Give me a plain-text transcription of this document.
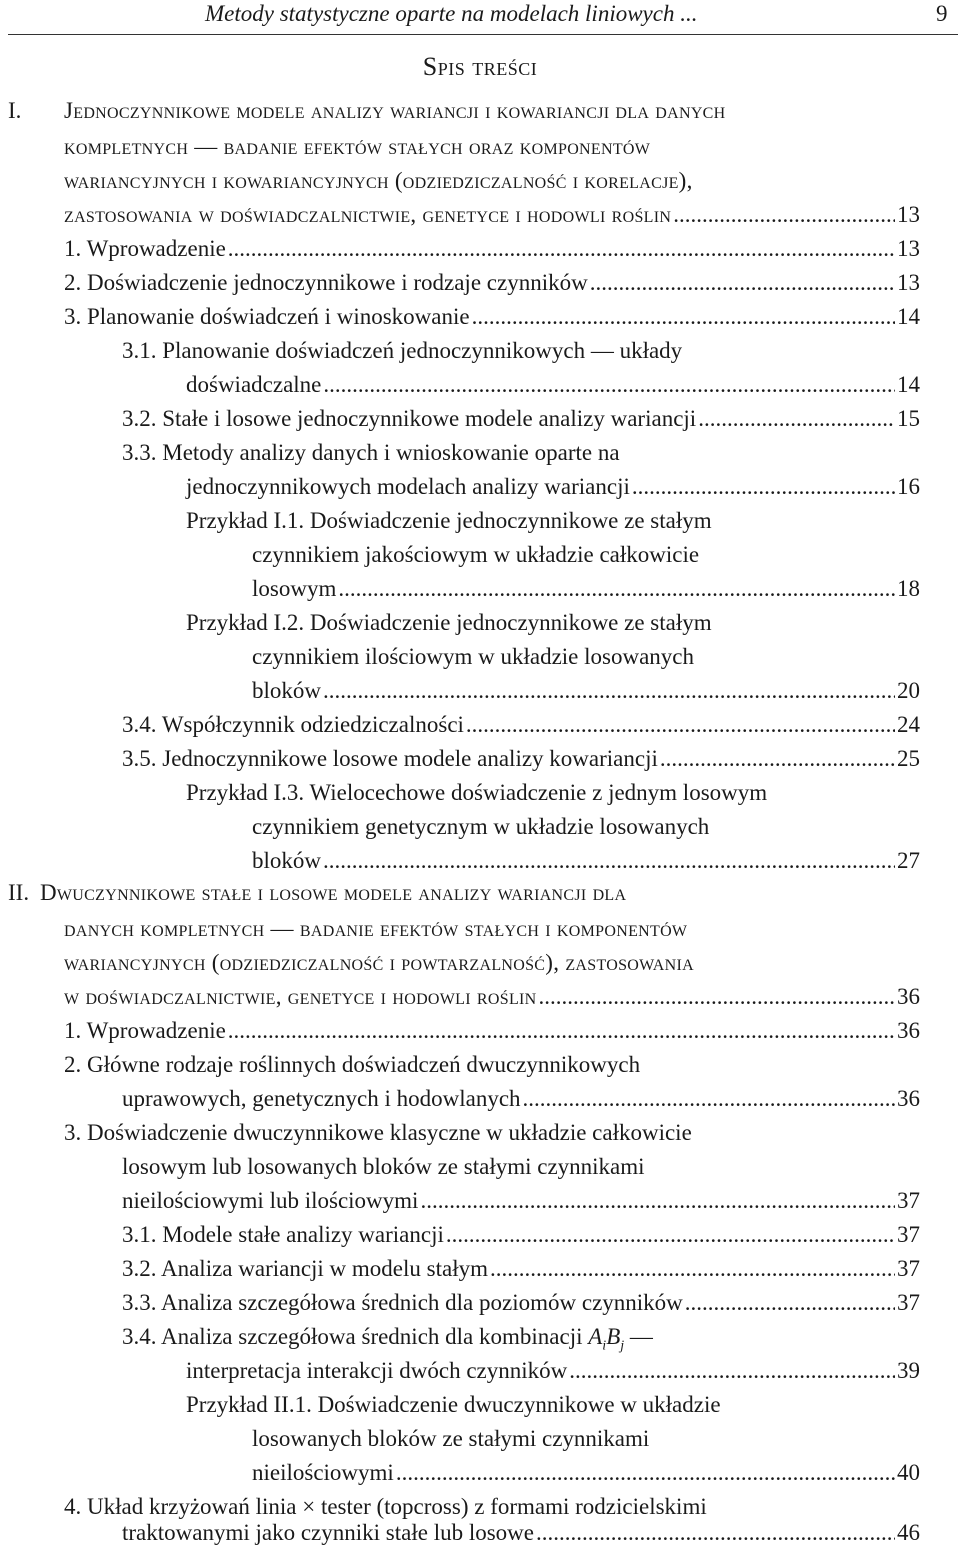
Metody statystyczne oparte na modelach liniowych ...	9
Spis treści
I. Jednoczynnikowe modele analizy wariancji i kowariancji dla danych
kompletnych — badanie efektów stałych oraz komponentów
wariancyjnych i kowariancyjnych (odziedziczalność i korelacje),
zastosowania w doświadczalnictwie, genetyce i hodowli roślin .....	13
1. Wprowadzenie .....	13
2. Doświadczenie jednoczynnikowe i rodzaje czynników .....	13
3. Planowanie doświadczeń i winoskowanie .....	14
3.1. Planowanie doświadczeń jednoczynnikowych — układy
doświadczalne .....	14
3.2. Stałe i losowe jednoczynnikowe modele analizy wariancji .....	15
3.3. Metody analizy danych i wnioskowanie oparte na
jednoczynnikowych modelach analizy wariancji .....	16
Przykład I.1. Doświadczenie jednoczynnikowe ze stałym
czynnikiem jakościowym w układzie całkowicie
losowym .....	18
Przykład I.2. Doświadczenie jednoczynnikowe ze stałym
czynnikiem ilościowym w układzie losowanych
bloków .....	20
3.4. Współczynnik odziedziczalności .....	24
3.5. Jednoczynnikowe losowe modele analizy kowariancji .....	25
Przykład I.3. Wielocechowe doświadczenie z jednym losowym
czynnikiem genetycznym w układzie losowanych
bloków .....	27
II. Dwuczynnikowe stałe i losowe modele analizy wariancji dla
danych kompletnych — badanie efektów stałych i komponentów
wariancyjnych (odziedziczalność i powtarzalność), zastosowania
w doświadczalnictwie, genetyce i hodowli roślin .....	36
1. Wprowadzenie .....	36
2. Główne rodzaje roślinnych doświadczeń dwuczynnikowych
uprawowych, genetycznych i hodowlanych .....	36
3. Doświadczenie dwuczynnikowe klasyczne w układzie całkowicie
losowym lub losowanych bloków ze stałymi czynnikami
nieilościowymi lub ilościowymi .....	37
3.1. Modele stałe analizy wariancji .....	37
3.2. Analiza wariancji w modelu stałym .....	37
3.3. Analiza szczegółowa średnich dla poziomów czynników .....	37
3.4. Analiza szczegółowa średnich dla kombinacji $A_iB_j$ —
interpretacja interakcji dwóch czynników .....	39
Przykład II.1. Doświadczenie dwuczynnikowe w układzie
losowanych bloków ze stałymi czynnikami
nieilościowymi .....	40
4. Układ krzyżowań linia × tester (topcross) z formami rodzicielskimi
traktowanymi jako czynniki stałe lub losowe .....	46
